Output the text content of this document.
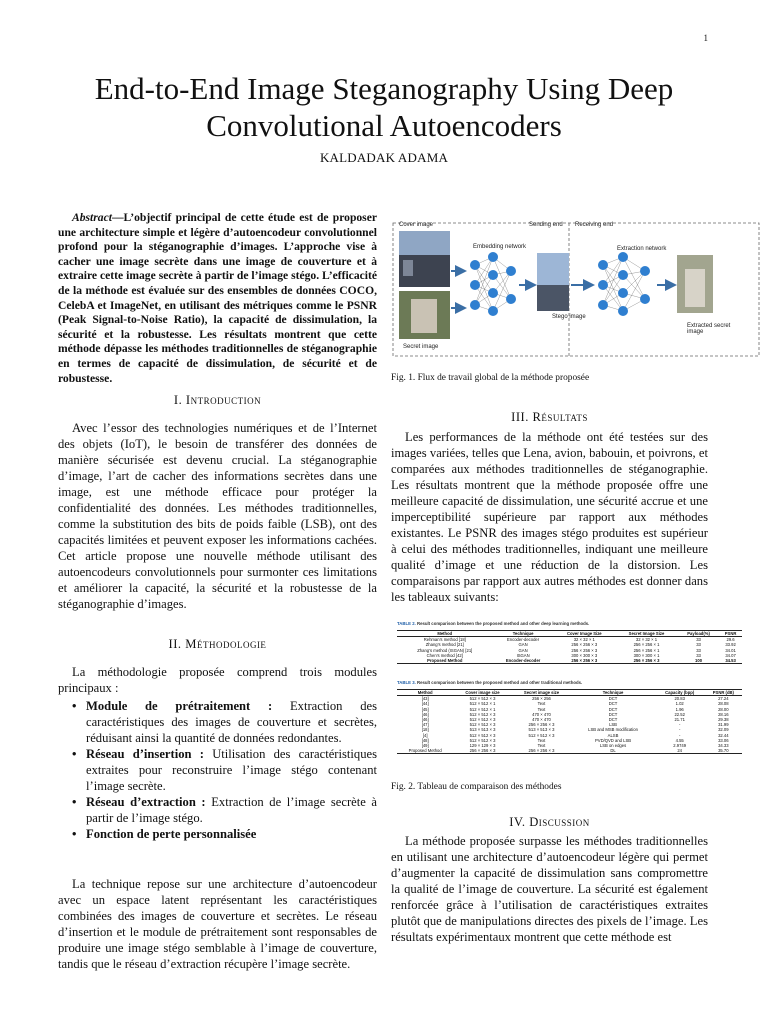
1
End-to-End Image Steganography Using Deep
Convolutional Autoencoders
KALDADAK ADAMA
Abstract—L’objectif principal de cette étude est de proposer une architecture simple et légère d’autoencodeur convolutionnel profond pour la stéganographie d’images. L’approche vise à cacher une image secrète dans une image de couverture et à extraire cette image secrète à partir de l’image stégo. L’efficacité de la méthode est évaluée sur des ensembles de données COCO, CelebA et ImageNet, en utilisant des métriques comme le PSNR (Peak Signal-to-Noise Ratio), la capacité de dissimulation, la sécurité et la robustesse. Les résultats montrent que cette méthode dépasse les méthodes traditionnelles de stéganographie en termes de capacité de dissimulation, de sécurité et de robustesse.
I. Introduction

Avec l’essor des technologies numériques et de l’Internet des objets (IoT), le besoin de transférer des données de manière sécurisée est devenu crucial. La stéganographie d’image, l’art de cacher des informations secrètes dans une image, est une méthode efficace pour protéger la confidentialité des données. Les méthodes traditionnelles, comme la substitution des bits de poids faible (LSB), ont des capacités limitées et peuvent exposer les informations cachées. Cet article propose une nouvelle méthode utilisant des autoencodeurs convolutionnels pour surmonter ces limitations et améliorer la capacité, la sécurité et la robustesse de la stéganographie d’images.

II. Méthodologie

La méthodologie proposée comprend trois modules principaux :

• Module de prétraitement : Extraction des caractéristiques des images de couverture et secrètes, réduisant ainsi la quantité de données redondantes.
• Réseau d’insertion : Utilisation des caractéristiques extraites pour reconstruire l’image stégo contenant l’image secrète.
• Réseau d’extraction : Extraction de l’image secrète à partir de l’image stégo.
• Fonction de perte personnalisée

La technique repose sur une architecture d’autoencodeur avec un espace latent représentant les caractéristiques combinées des images de couverture et secrètes. Le réseau d’insertion et le module de prétraitement sont responsables de produire une image stégo semblable à l’image de couverture, tandis que le réseau d’extraction récupère l’image secrète.

Cover image	Sending end Receiving end
Embedding network	Extraction network
Stego image
Secret image
Extracted secret image
Fig. 1. Flux de travail global de la méthode proposée
III. Résultats

Les performances de la méthode ont été testées sur des images variées, telles que Lena, avion, babouin, et poivrons, et comparées aux méthodes traditionnelles de stéganographie. Les résultats montrent que la méthode proposée offre une meilleure capacité de dissimulation, une sécurité accrue et une imperceptibilité supérieure par rapport aux méthodes existantes. Le PSNR des images stégo produites est supérieur à celui des méthodes traditionnelles, indiquant une meilleure qualité d’image et une réduction de la distorsion. Les comparaisons par rapport aux autres méthodes est donner dans les tableaux suivants:

TABLE 2. Result comparison between the proposed method and other deep learning methods.
Method	Technique	Cover Image Size	Secret Image Size	Payload(%)	PSNR
Rehman’s method [18]	Encoder-decoder	32 × 32 × 1	32 × 32 × 1	33	29.6
Zhang’s method [21]	GAN	256 × 256 × 3	256 × 256 × 1	33	33.92
Zhang’s method (ISGAN) [21]	GAN	256 × 256 × 3	256 × 256 × 1	33	34.01
Chen’s method [42]	ISGAN	300 × 300 × 3	300 × 300 × 1	33	34.07
Proposed Method	Encoder-decoder	256 × 256 × 3	256 × 256 × 3	100	34.53
TABLE 3. Result comparison between the proposed method and other traditional methods.
Method	Cover image size	Secret image size	Technique	Capacity (bpp)	PSNR (dB)
[43]	512 × 512 × 3	256 × 256	DCT	20.83	27.24
[44]	512 × 512 × 1	Text	DCT	1.02	28.08
[45]	512 × 512 × 1	Text	DCT	1.96	28.00
[46]	512 × 512 × 3	470 × 470	DCT	22.52	28.16
[46]	512 × 512 × 3	470 × 470	DCT	21.71	29.38
[47]	512 × 512 × 3	256 × 256 × 3	LSB	-	31.99
[18]	513 × 513 × 3	513 × 513 × 3	LSB and MSB modification	-	32.09
[4]	512 × 512 × 3	512 × 512 × 3	ALSB	-	32.44
[48]	512 × 512 × 3	Text	PVD/QVD and LSB	4.55	33.06
[49]	129 × 129 × 3	Text	LSB on edges	2.9749	34.33
Proposed Method	256 × 256 × 3	256 × 256 × 3	DL	24	35.70
Fig. 2. Tableau de comparaison des méthodes
IV. Discussion

La méthode proposée surpasse les méthodes traditionnelles en utilisant une architecture d’autoencodeur légère qui permet d’augmenter la capacité de dissimulation sans compromettre la qualité de l’image de couverture. La sécurité est également renforcée grâce à l’utilisation de caractéristiques extraites plutôt que de manipulations directes des pixels de l’image. Les résultats expérimentaux montrent que cette méthode est
